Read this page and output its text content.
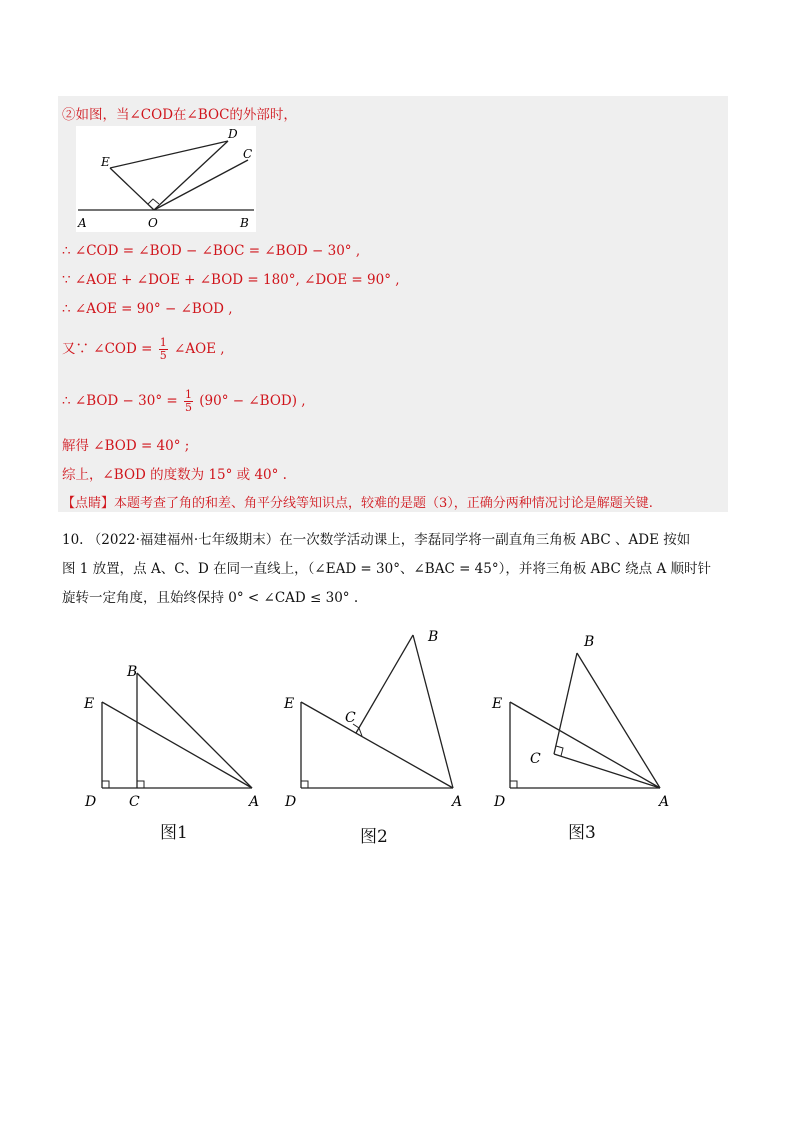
②如图，当∠COD在∠BOC的外部时，
A	O	B
C
D
E
∴ ∠COD = ∠BOD − ∠BOC = ∠BOD − 30° ,
∵ ∠AOE + ∠DOE + ∠BOD = 180°, ∠DOE = 90° ,
∴ ∠AOE = 90° − ∠BOD ,
又∵ ∠COD = $\frac{1}{5}$ ∠AOE ,
∴ ∠BOD − $30^\circ = \frac{1}{5} (90^\circ$ − ∠BOD) ,
解得 ∠BOD = 40° ;
综上，∠BOD 的度数为 15° 或 40° .
【点睛】本题考查了角的和差、角平分线等知识点，较难的是题（3），正确分两种情况讨论是解题关键.
10. （2022·福建福州·七年级期末）在一次数学活动课上，李磊同学将一副直角三角板 ABC 、ADE 按如
图 1 放置，点 A、C、D 在同一直线上，（∠EAD = 30°、∠BAC = 45°），并将三角板 ABC 绕点 A 顺时针
旋转一定角度，且始终保持 0° < ∠CAD ≤ 30° .
B
E
D C	A
B
E
C
D	A
B
E
C
D	A
图1	图2	图3
